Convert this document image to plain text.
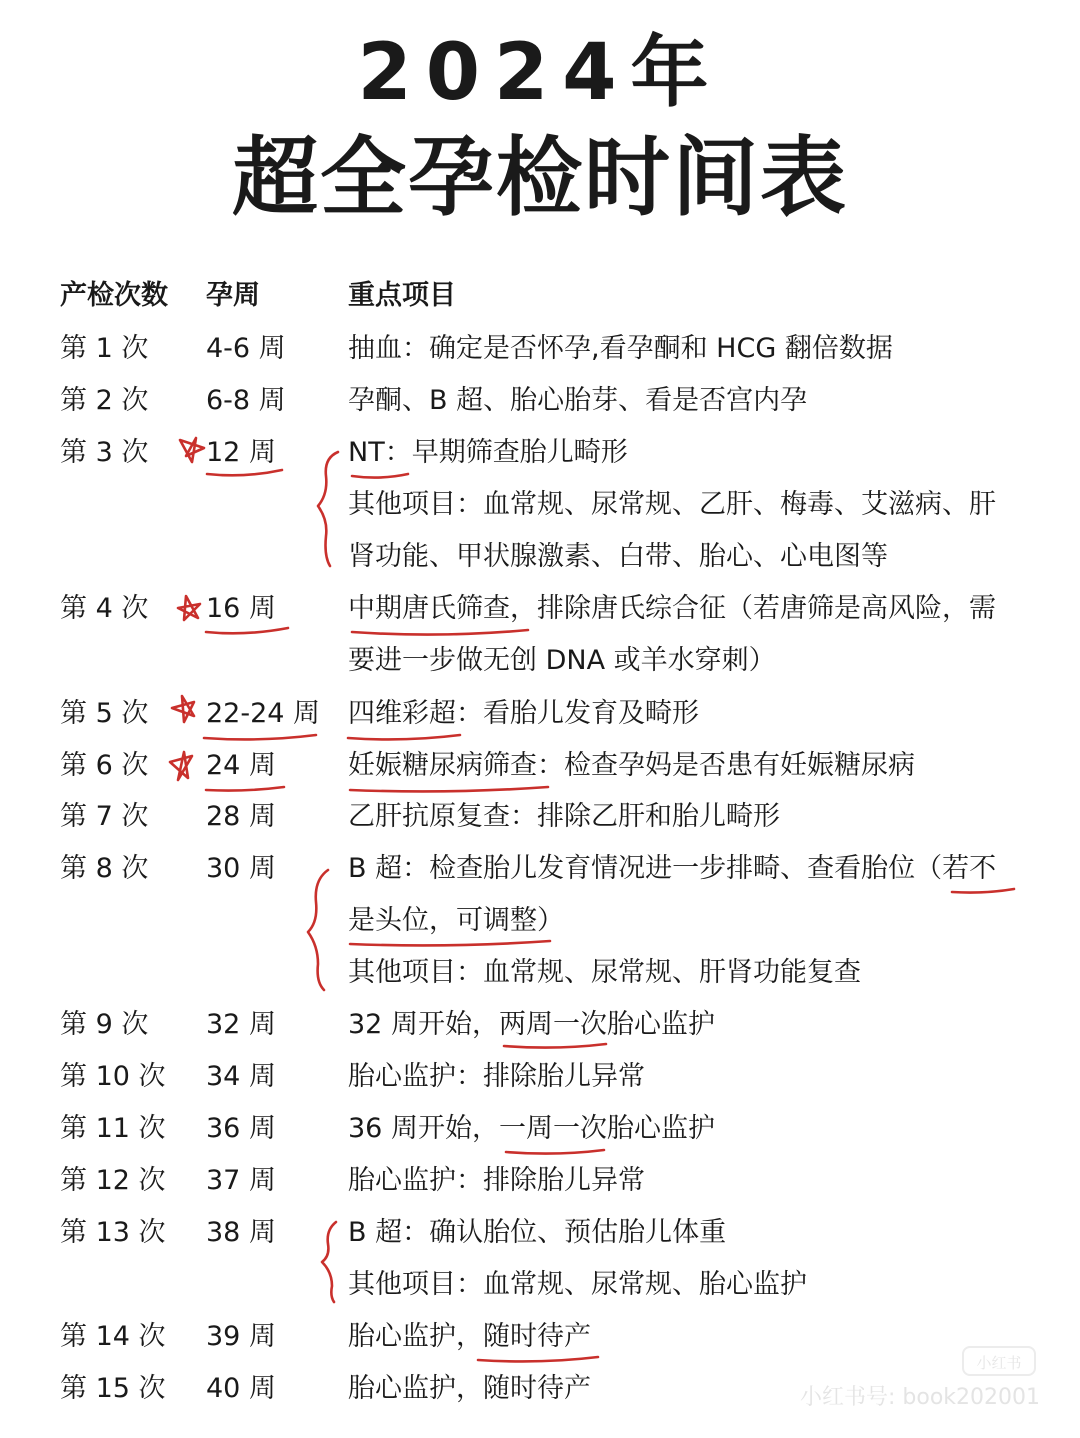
2024年
超全孕检时间表
产检次数 孕周	重点项目
第 1 次 4-6 周 抽血：确定是否怀孕,看孕酮和 HCG 翻倍数据
第 2 次 6-8 周 孕酮、B 超、胎心胎芽、看是否宫内孕
第 3 次 12 周	NT：早期筛查胎儿畸形
其他项目：血常规、尿常规、乙肝、梅毒、艾滋病、肝
肾功能、甲状腺激素、白带、胎心、心电图等
第 4 次 16 周	中期唐氏筛查，排除唐氏综合征（若唐筛是高风险，需
要进一步做无创 DNA 或羊水穿刺）
第 5 次 22-24 周 四维彩超：看胎儿发育及畸形
第 6 次 24 周	妊娠糖尿病筛查：检查孕妈是否患有妊娠糖尿病
第 7 次 28 周	乙肝抗原复查：排除乙肝和胎儿畸形
第 8 次 30 周	B 超：检查胎儿发育情况进一步排畸、查看胎位（若不
是头位，可调整）
其他项目：血常规、尿常规、肝肾功能复查
第 9 次 32 周	32 周开始，两周一次胎心监护
第 10 次 34 周	胎心监护：排除胎儿异常
第 11 次 36 周	36 周开始，一周一次胎心监护
第 12 次 37 周	胎心监护：排除胎儿异常
第 13 次 38 周	B 超：确认胎位、预估胎儿体重
其他项目：血常规、尿常规、胎心监护
第 14 次 39 周	胎心监护，随时待产
第 15 次 40 周	胎心监护，随时待产
小红书
小红书号: book202001
